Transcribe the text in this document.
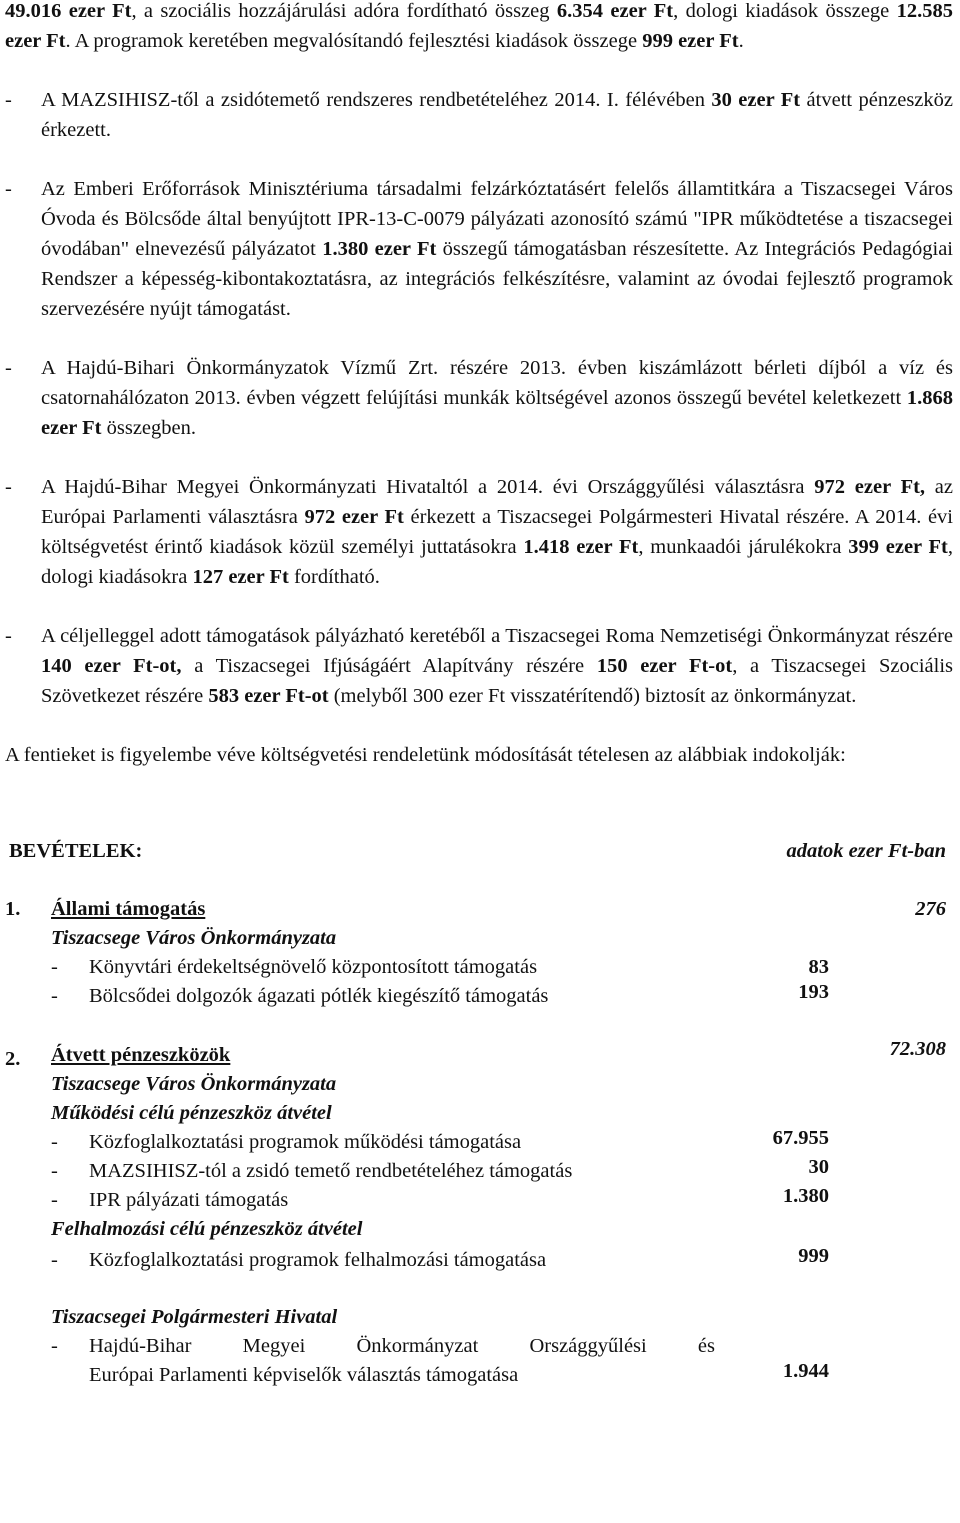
49.016 ezer Ft, a szociális hozzájárulási adóra fordítható összeg 6.354 ezer Ft, dologi kiadások összege 12.585 ezer Ft. A programok keretében megvalósítandó fejlesztési kiadások összege 999 ezer Ft.

- A MAZSIHISZ-től a zsidótemető rendszeres rendbetételéhez 2014. I. félévében 30 ezer Ft átvett pénzeszköz érkezett.

- Az Emberi Erőforrások Minisztériuma társadalmi felzárkóztatásért felelős államtitkára a Tiszacsegei Város Óvoda és Bölcsőde által benyújtott IPR-13-C-0079 pályázati azonosító számú "IPR működtetése a tiszacsegei óvodában" elnevezésű pályázatot 1.380 ezer Ft összegű támogatásban részesítette. Az Integrációs Pedagógiai Rendszer a képesség-kibontakoztatásra, az integrációs felkészítésre, valamint az óvodai fejlesztő programok szervezésére nyújt támogatást.

- A Hajdú-Bihari Önkormányzatok Vízmű Zrt. részére 2013. évben kiszámlázott bérleti díjból a víz és csatornahálózaton 2013. évben végzett felújítási munkák költségével azonos összegű bevétel keletkezett 1.868 ezer Ft összegben.

- A Hajdú-Bihar Megyei Önkormányzati Hivataltól a 2014. évi Országgyűlési választásra 972 ezer Ft, az Európai Parlamenti választásra 972 ezer Ft érkezett a Tiszacsegei Polgármesteri Hivatal részére. A 2014. évi költségvetést érintő kiadások közül személyi juttatásokra 1.418 ezer Ft, munkaadói járulékokra 399 ezer Ft, dologi kiadásokra 127 ezer Ft fordítható.

- A céljelleggel adott támogatások pályázható keretéből a Tiszacsegei Roma Nemzetiségi Önkormányzat részére 140 ezer Ft-ot, a Tiszacsegei Ifjúságáért Alapítvány részére 150 ezer Ft-ot, a Tiszacsegei Szociális Szövetkezet részére 583 ezer Ft-ot (melyből 300 ezer Ft visszatérítendő) biztosít az önkormányzat.

A fentieket is figyelembe véve költségvetési rendeletünk módosítását tételesen az alábbiak indokolják:

BEVÉTELEK:	adatok ezer Ft-ban
1. Állami támogatás	276
Tiszacsege Város Önkormányzata
- Könyvtári érdekeltségnövelő központosított támogatás	83
- Bölcsődei dolgozók ágazati pótlék kiegészítő támogatás	193
2. Átvett pénzeszközök	72.308
Tiszacsege Város Önkormányzata
Működési célú pénzeszköz átvétel
- Közfoglalkoztatási programok működési támogatása	67.955
- MAZSIHISZ-tól a zsidó temető rendbetételéhez támogatás	30
- IPR pályázati támogatás	1.380
Felhalmozási célú pénzeszköz átvétel
- Közfoglalkoztatási programok felhalmozási támogatása	999
Tiszacsegei Polgármesteri Hivatal
- Hajdú-Bihar Megyei Önkormányzat Országgyűlési és
Európai Parlamenti képviselők választás támogatása	1.944
